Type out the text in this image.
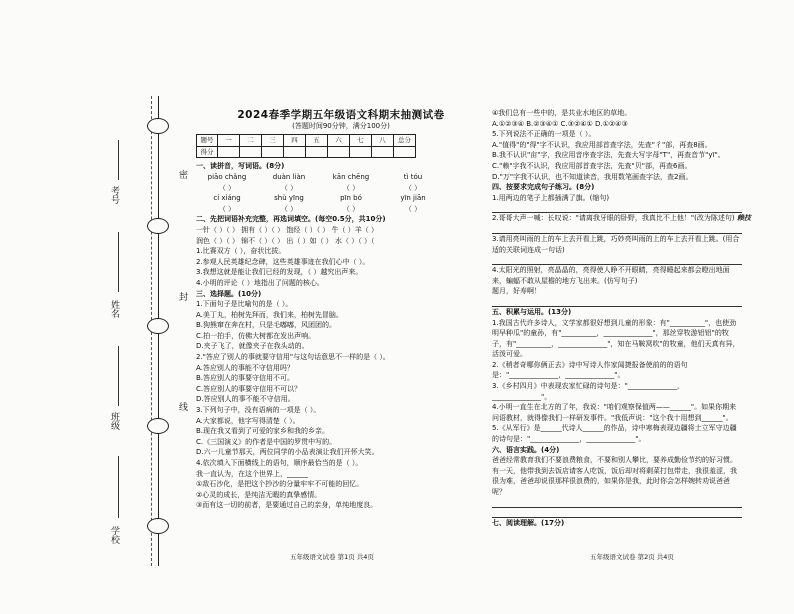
密
封
线
考号
姓名
班级
学校
2024春季学期五年级语文科期末抽测试卷
(答题时间90分钟，满分100分)
题号	一	二	三	四	五	六	七	八	总分
得分									
一、读拼音，写词语。(8分)
piāo chǎng	duàn liàn	kān chēng	tì tóu
（ ）	（ ）	（ ）	（ ）
cí xiáng	shù yīng	pīn bó	yīn jiān
（ ）	（ ）	（ ）	（ ）
二、先把词语补充完整，再选词填空。(每空0.5分，共10分)
一针（ ）（ ） 拥有（ ）（ ） 饱经（ ）（ ） 牛（ ）羊（ ）
润色（ ）（ ） 锦不（ ）（ ） 出（ ）如（ ） 水（ ）（ ）（
1.比赛双方（ ），奋状比拔。
2.参观人民英雄纪念碑，这些英雄事迹在我们心中（ ）。
3.我想这就是能让我们已经的发现，（ ）越究出声来。
4.小明的评论（ ）地指出了问题的核心。
三、选择题。(10分)
1.下面句子是比喻句的是（ ）。
A.美丁丸，柏树先拜而，我们来，柏树先冒脑。
B.狗熊窜在奔在村，只是毛嘟嘟，风团团的。
C.拍一拍手，仿佛大树都在发出声响。
D.夹子飞了，就像夹子在我头动的。
2."答应了别人的事就要守信用"与这句话意思不一样的是（ ）。
A.答应别人的事能不守信用吗？
B.答应别人的事要守信用不可。
C.答应别人的事要守信用不可以？
D.答应别人的事不能不守信用。
3.下列句子中，没有语病的一项是（ ）。
A.大家都说，他字写得清楚（ ）。
B.现在我又看到了可爱的家乡和我的乡亲。
C.《三国演义》的作者是中国的罗贯中写的。
D.六一儿童节那天，两位同学的小品表演让我们开怀大笑。
4.依次填入下面横线上的语句，顺序最恰当的是（ ）。
我一直认为，在这个世界上，______
①敌石沙化，是把这个抄沙的分量牢牢不可能的回忆。
②心灵的成长，是纯洁无暇的真挚感情。
③而有这一切的前者，是要通过自己的亲身，单纯地度良。
五年级语文试卷 第1页 共4页
④我们总有一些中的，是共业水地区的草地。
A.①②③④ B.②③④① C.③②④① D.①②④③
5.下列说法不正确的一项是（ ）。
A."值得"的"得"字不认识，我应用部首查字法，先查"彳"部，再查8画。
B.我不认识"亩"字，我应用音序查字法，先查大写字母"T"，再查音节"yī"。
C."赖"字我不认识，我应用部首查字法，先查"贝"部，再查6画。
D."万"字我不认识，也不知道读音，我用数笔画查字法，查2画。
四、按要求完成句子练习。(8分)
1.用两边的笔子上都插满了旗。(缩句)
2.哥哥大声一喊：长叹说："请离我牙眼的卧野，我真比不上他！"(改为陈述句) 赖技
3.请用亮叫雨的上的车上去开看上跳，巧妙亮叫雨的上的车上去开看上跳。(用合适的关联词连成一句话)
4.太阳光的照射，亮晶晶的，亮得使人睁不开眼睛，亮得睡起来都会瞪出地面来，蝙蝠不敢从屋檐的地方飞出来。(仿写句子)
题月，好寿啊！
五、积累与运用。(13分)
1.我国古代许多诗人，文学家都很好想到儿童的形象：有"__________"，也使劲明早种瓜"的童孙，有"__________，______________"，那丝穿牧游铝铝"的牧子，有"__________，______________"，知在马鞍窝吹"的牧童，他们天真有异，活泼可爱。
2.《稍者奇哪你俩正去》诗中写诗人作家闻捷报备使前的的语句是："______________，______________"。
3.《乡村四月》中表现农家忙碌的诗句是："______________，______________"。
4.小明一直生在北方的了年，我说："咱们观察保值两——______"。如果你期来问语教材，就得像我们一样研发事件。"我低声说："这个我十用想到______"。
5.《从军行》是______代诗人______的作品，诗中寒梅表现边疆将士立军守边疆的诗句是："______________，______________"。
六、语言实践。(4分)
爸爸经常教育我们不要浪费粮食，不要和别人攀比，要养成勤俭节约的好习惯。有一天，他带我到去饭店请客人吃饭，饭后却对将剩菜打包带走，我很羞涩，我很为难，爸爸却说很那样很浪费的，如果你是我，此时你会怎样婉转劝说爸爸呢？
七、阅读理解。(17分)
五年级语文试卷 第2页 共4页
